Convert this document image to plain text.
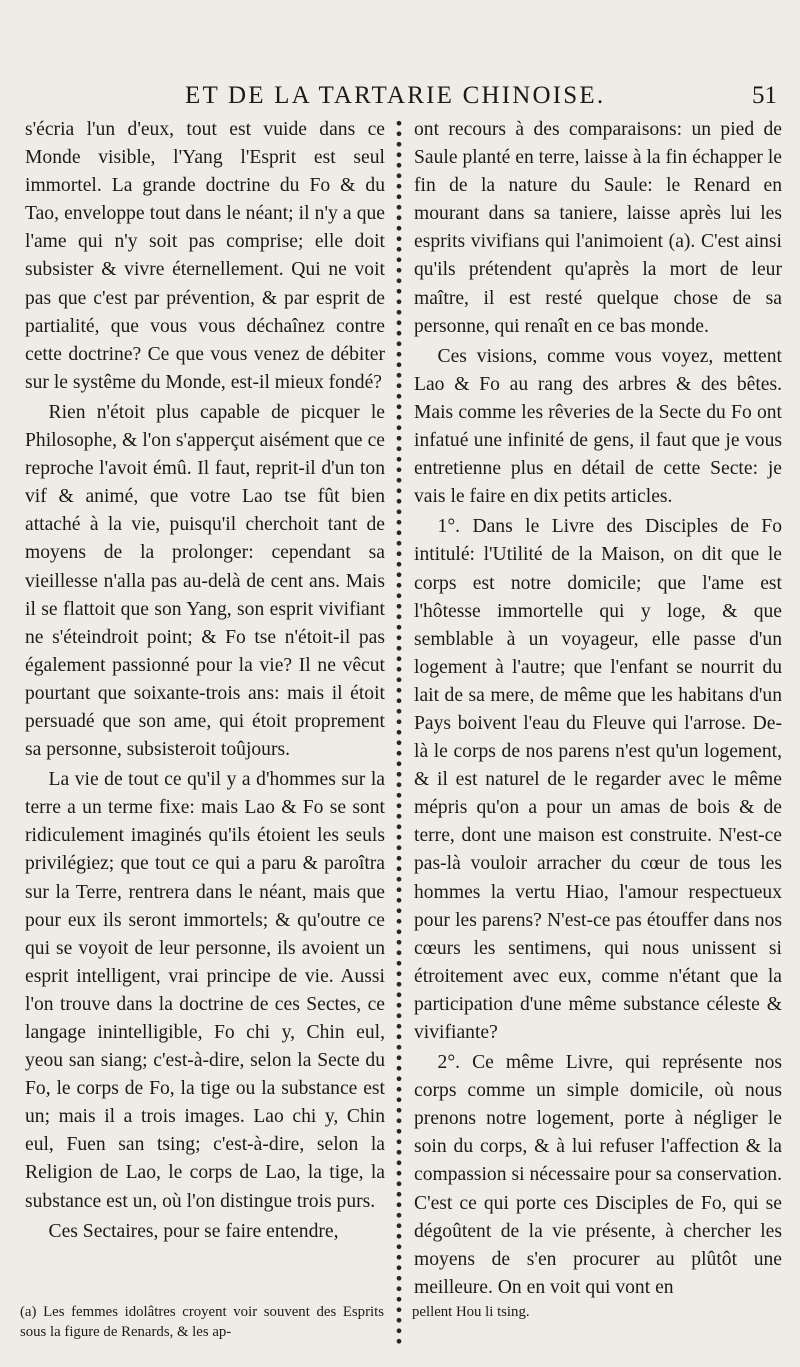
ET DE LA TARTARIE CHINOISE.	51

s'écria l'un d'eux, tout est vuide dans ce Monde visible, l'Yang l'Esprit est seul immortel. La grande doctrine du Fo & du Tao, enveloppe tout dans le néant; il n'y a que l'ame qui n'y soit pas comprise; elle doit subsister & vivre éternellement. Qui ne voit pas que c'est par prévention, & par esprit de partialité, que vous vous déchaînez contre cette doctrine? Ce que vous venez de débiter sur le systême du Monde, est-il mieux fondé?

Rien n'étoit plus capable de picquer le Philosophe, & l'on s'apperçut aisément que ce reproche l'avoit émû. Il faut, reprit-il d'un ton vif & animé, que votre Lao tse fût bien attaché à la vie, puisqu'il cherchoit tant de moyens de la prolonger: cependant sa vieillesse n'alla pas au-delà de cent ans. Mais il se flattoit que son Yang, son esprit vivifiant ne s'éteindroit point; & Fo tse n'étoit-il pas également passionné pour la vie? Il ne vêcut pourtant que soixante-trois ans: mais il étoit persuadé que son ame, qui étoit proprement sa personne, subsisteroit toûjours.

La vie de tout ce qu'il y a d'hommes sur la terre a un terme fixe: mais Lao & Fo se sont ridiculement imaginés qu'ils étoient les seuls privilégiez; que tout ce qui a paru & paroîtra sur la Terre, rentrera dans le néant, mais que pour eux ils seront immortels; & qu'outre ce qui se voyoit de leur personne, ils avoient un esprit intelligent, vrai principe de vie. Aussi l'on trouve dans la doctrine de ces Sectes, ce langage inintelligible, Fo chi y, Chin eul, yeou san siang; c'est-à-dire, selon la Secte du Fo, le corps de Fo, la tige ou la substance est un; mais il a trois images. Lao chi y, Chin eul, Fuen san tsing; c'est-à-dire, selon la Religion de Lao, le corps de Lao, la tige, la substance est un, où l'on distingue trois purs.

Ces Sectaires, pour se faire entendre,

ont recours à des comparaisons: un pied de Saule planté en terre, laisse à la fin échapper le fin de la nature du Saule: le Renard en mourant dans sa taniere, laisse après lui les esprits vivifians qui l'animoient (a). C'est ainsi qu'ils prétendent qu'après la mort de leur maître, il est resté quelque chose de sa personne, qui renaît en ce bas monde.

Ces visions, comme vous voyez, mettent Lao & Fo au rang des arbres & des bêtes. Mais comme les rêveries de la Secte du Fo ont infatué une infinité de gens, il faut que je vous entretienne plus en détail de cette Secte: je vais le faire en dix petits articles.

1°. Dans le Livre des Disciples de Fo intitulé: l'Utilité de la Maison, on dit que le corps est notre domicile; que l'ame est l'hôtesse immortelle qui y loge, & que semblable à un voyageur, elle passe d'un logement à l'autre; que l'enfant se nourrit du lait de sa mere, de même que les habitans d'un Pays boivent l'eau du Fleuve qui l'arrose. De-là le corps de nos parens n'est qu'un logement, & il est naturel de le regarder avec le même mépris qu'on a pour un amas de bois & de terre, dont une maison est construite. N'est-ce pas-là vouloir arracher du cœur de tous les hommes la vertu Hiao, l'amour respectueux pour les parens? N'est-ce pas étouffer dans nos cœurs les sentimens, qui nous unissent si étroitement avec eux, comme n'étant que la participation d'une même substance céleste & vivifiante?

2°. Ce même Livre, qui représente nos corps comme un simple domicile, où nous prenons notre logement, porte à négliger le soin du corps, & à lui refuser l'affection & la compassion si nécessaire pour sa conservation. C'est ce qui porte ces Disciples de Fo, qui se dégoûtent de la vie présente, à chercher les moyens de s'en procurer au plûtôt une meilleure. On en voit qui vont en

(a) Les femmes idolâtres croyent voir souvent des Esprits sous la figure de Renards, & les ap-

pellent Hou li tsing.
